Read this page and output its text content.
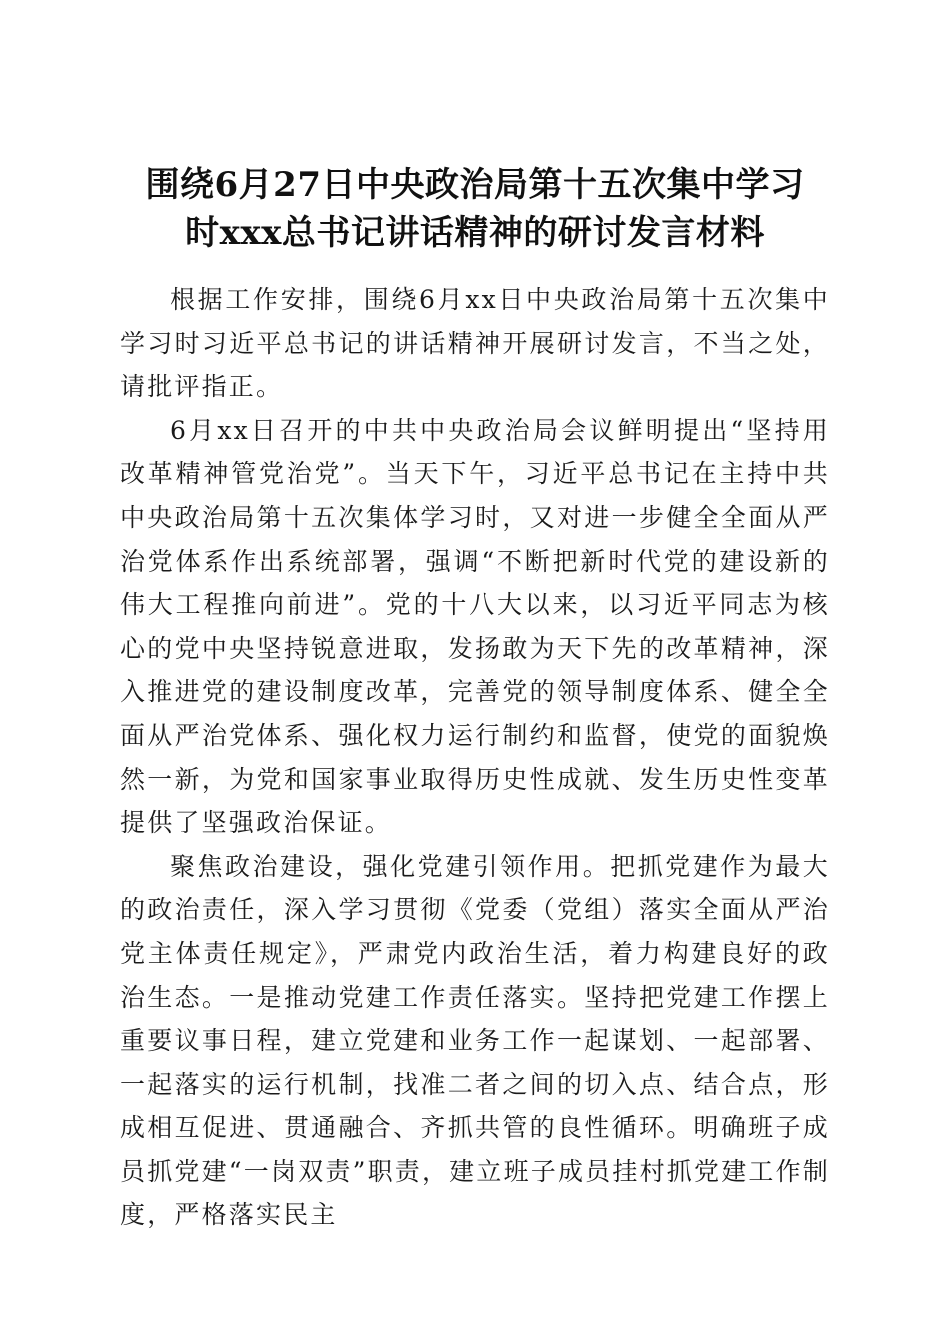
围绕6月27日中央政治局第十五次集中学习
时xxx总书记讲话精神的研讨发言材料

根据工作安排，围绕6月xx日中央政治局第十五次集中学习时习近平总书记的讲话精神开展研讨发言，不当之处，请批评指正。

6月xx日召开的中共中央政治局会议鲜明提出“坚持用改革精神管党治党”。当天下午，习近平总书记在主持中共中央政治局第十五次集体学习时，又对进一步健全全面从严治党体系作出系统部署，强调“不断把新时代党的建设新的伟大工程推向前进”。党的十八大以来，以习近平同志为核心的党中央坚持锐意进取，发扬敢为天下先的改革精神，深入推进党的建设制度改革，完善党的领导制度体系、健全全面从严治党体系、强化权力运行制约和监督，使党的面貌焕然一新，为党和国家事业取得历史性成就、发生历史性变革提供了坚强政治保证。

聚焦政治建设，强化党建引领作用。把抓党建作为最大的政治责任，深入学习贯彻《党委（党组）落实全面从严治党主体责任规定》，严肃党内政治生活，着力构建良好的政治生态。一是推动党建工作责任落实。坚持把党建工作摆上重要议事日程，建立党建和业务工作一起谋划、一起部署、一起落实的运行机制，找准二者之间的切入点、结合点，形成相互促进、贯通融合、齐抓共管的良性循环。明确班子成员抓党建“一岗双责”职责，建立班子成员挂村抓党建工作制度，严格落实民主
